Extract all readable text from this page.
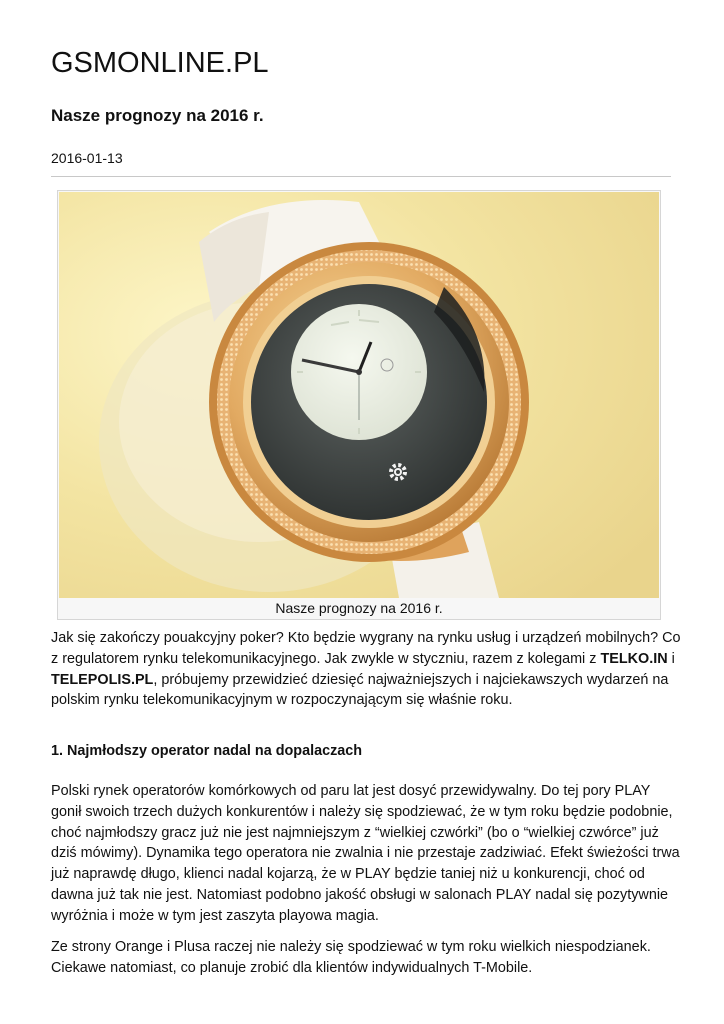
GSMONLINE.PL
Nasze prognozy na 2016 r.
2016-01-13
Nasze prognozy na 2016 r.
Jak się zakończy pouakcyjny poker? Kto będzie wygrany na rynku usług i urządzeń mobilnych? Co z regulatorem rynku telekomunikacyjnego. Jak zwykle w styczniu, razem z kolegami z TELKO.IN i TELEPOLIS.PL, próbujemy przewidzieć dziesięć najważniejszych i najciekawszych wydarzeń na polskim rynku telekomunikacyjnym w rozpoczynającym się właśnie roku.
1. Najmłodszy operator nadal na dopalaczach
Polski rynek operatorów komórkowych od paru lat jest dosyć przewidywalny. Do tej pory PLAY gonił swoich trzech dużych konkurentów i należy się spodziewać, że w tym roku będzie podobnie, choć najmłodszy gracz już nie jest najmniejszym z “wielkiej czwórki” (bo o “wielkiej czwórce” już dziś mówimy). Dynamika tego operatora nie zwalnia i nie przestaje zadziwiać. Efekt świeżości trwa już naprawdę długo, klienci nadal kojarzą, że w PLAY będzie taniej niż u konkurencji, choć od dawna już tak nie jest. Natomiast podobno jakość obsługi w salonach PLAY nadal się pozytywnie wyróżnia i może w tym jest zaszyta playowa magia.
Ze strony Orange i Plusa raczej nie należy się spodziewać w tym roku wielkich niespodzianek. Ciekawe natomiast, co planuje zrobić dla klientów indywidualnych T-Mobile.
